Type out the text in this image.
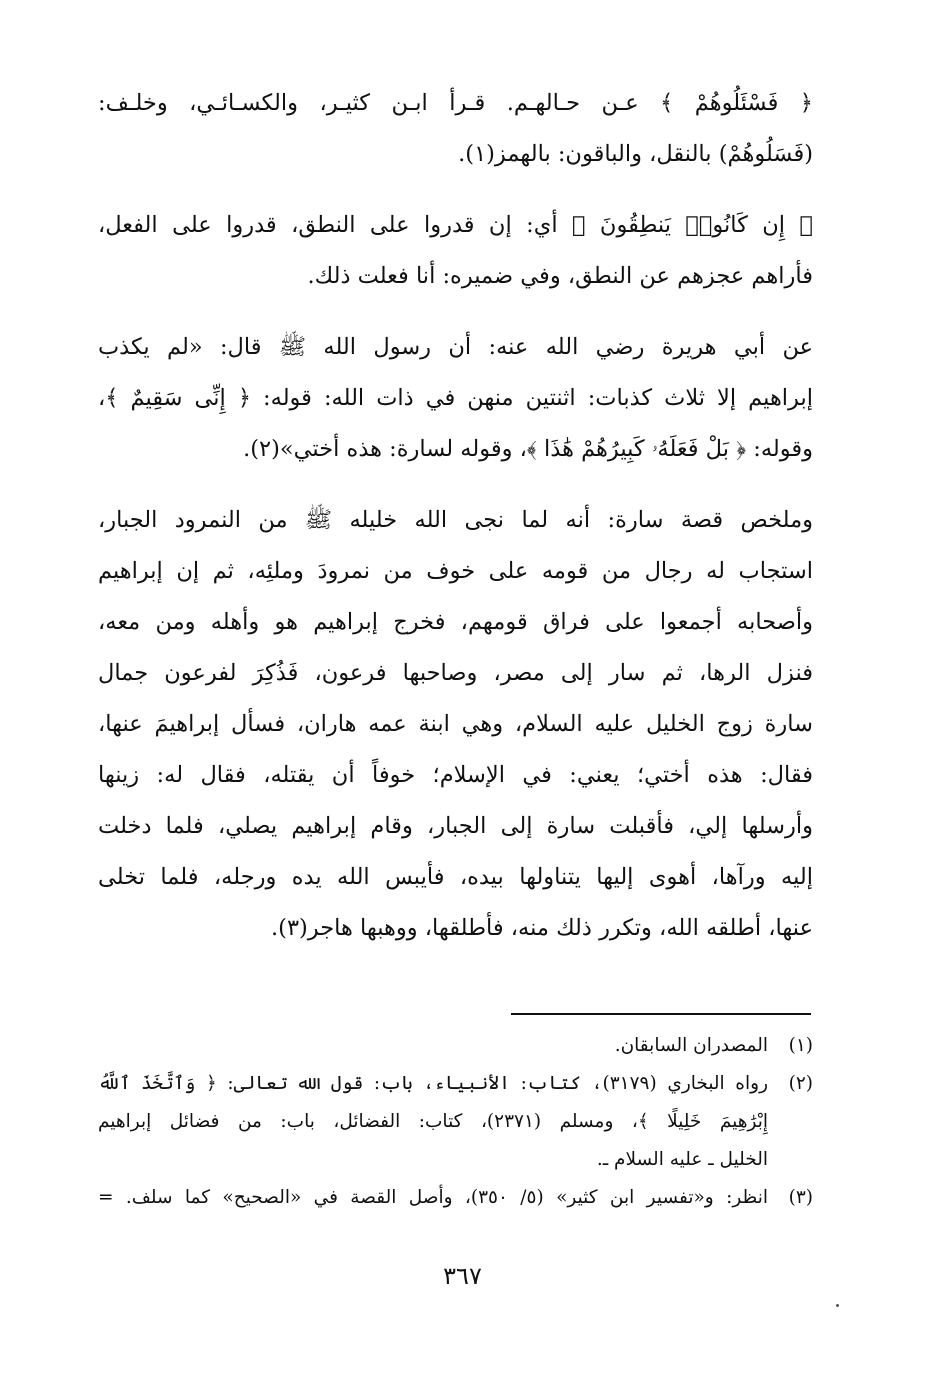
﴿ فَسْئَلُوهُمْ ﴾ عـن حـالهـم. قـرأ ابـن كثيـر، والكسـائـي، وخلـف:
(فَسَلُوهُمْ) بالنقل، والباقون: بالهمز(١).

﴿ إِن كَانُوا۟ يَنطِقُونَ ﴾ أي: إن قدروا على النطق، قدروا على الفعل،
فأراهم عجزهم عن النطق، وفي ضميره: أنا فعلت ذلك.

عن أبي هريرة رضي الله عنه: أن رسول الله ﷺ قال: «لم يكذب
إبراهيم إلا ثلاث كذبات: اثنتين منهن في ذات الله: قوله: ﴿ إِنِّى سَقِيمٌ ﴾،
وقوله: ﴿ بَلْ فَعَلَهُۥ كَبِيرُهُمْ هَٰذَا ﴾، وقوله لسارة: هذه أختي»(٢).

وملخص قصة سارة: أنه لما نجى الله خليله ﷺ من النمرود الجبار،
استجاب له رجال من قومه على خوف من نمرودَ وملئِه، ثم إن إبراهيم
وأصحابه أجمعوا على فراق قومهم، فخرج إبراهيم هو وأهله ومن معه،
فنزل الرها، ثم سار إلى مصر، وصاحبها فرعون، فَذُكِرَ لفرعون جمال
سارة زوج الخليل عليه السلام، وهي ابنة عمه هاران، فسأل إبراهيمَ عنها،
فقال: هذه أختي؛ يعني: في الإسلام؛ خوفاً أن يقتله، فقال له: زينها
وأرسلها إلي، فأقبلت سارة إلى الجبار، وقام إبراهيم يصلي، فلما دخلت
إليه ورآها، أهوى إليها يتناولها بيده، فأيبس الله يده ورجله، فلما تخلى
عنها، أطلقه الله، وتكرر ذلك منه، فأطلقها، ووهبها هاجر(٣).

(١)
المصدران السابقان.

(٢)
رواه البخاري (٣١٧٩)، كتاب: الأنبياء، باب: قول الله تعالى: ﴿ وَٱتَّخَذَ ٱللَّهُ
إِبْرَٰهِيمَ خَلِيلًا ﴾، ومسلم (٢٣٧١)، كتاب: الفضائل، باب: من فضائل إبراهيم
الخليل ـ عليه السلام ـ.

(٣)
انظر: و«تفسير ابن كثير» (٥/ ٣٥٠)، وأصل القصة في «الصحيح» كما سلف. =

٣٦٧
